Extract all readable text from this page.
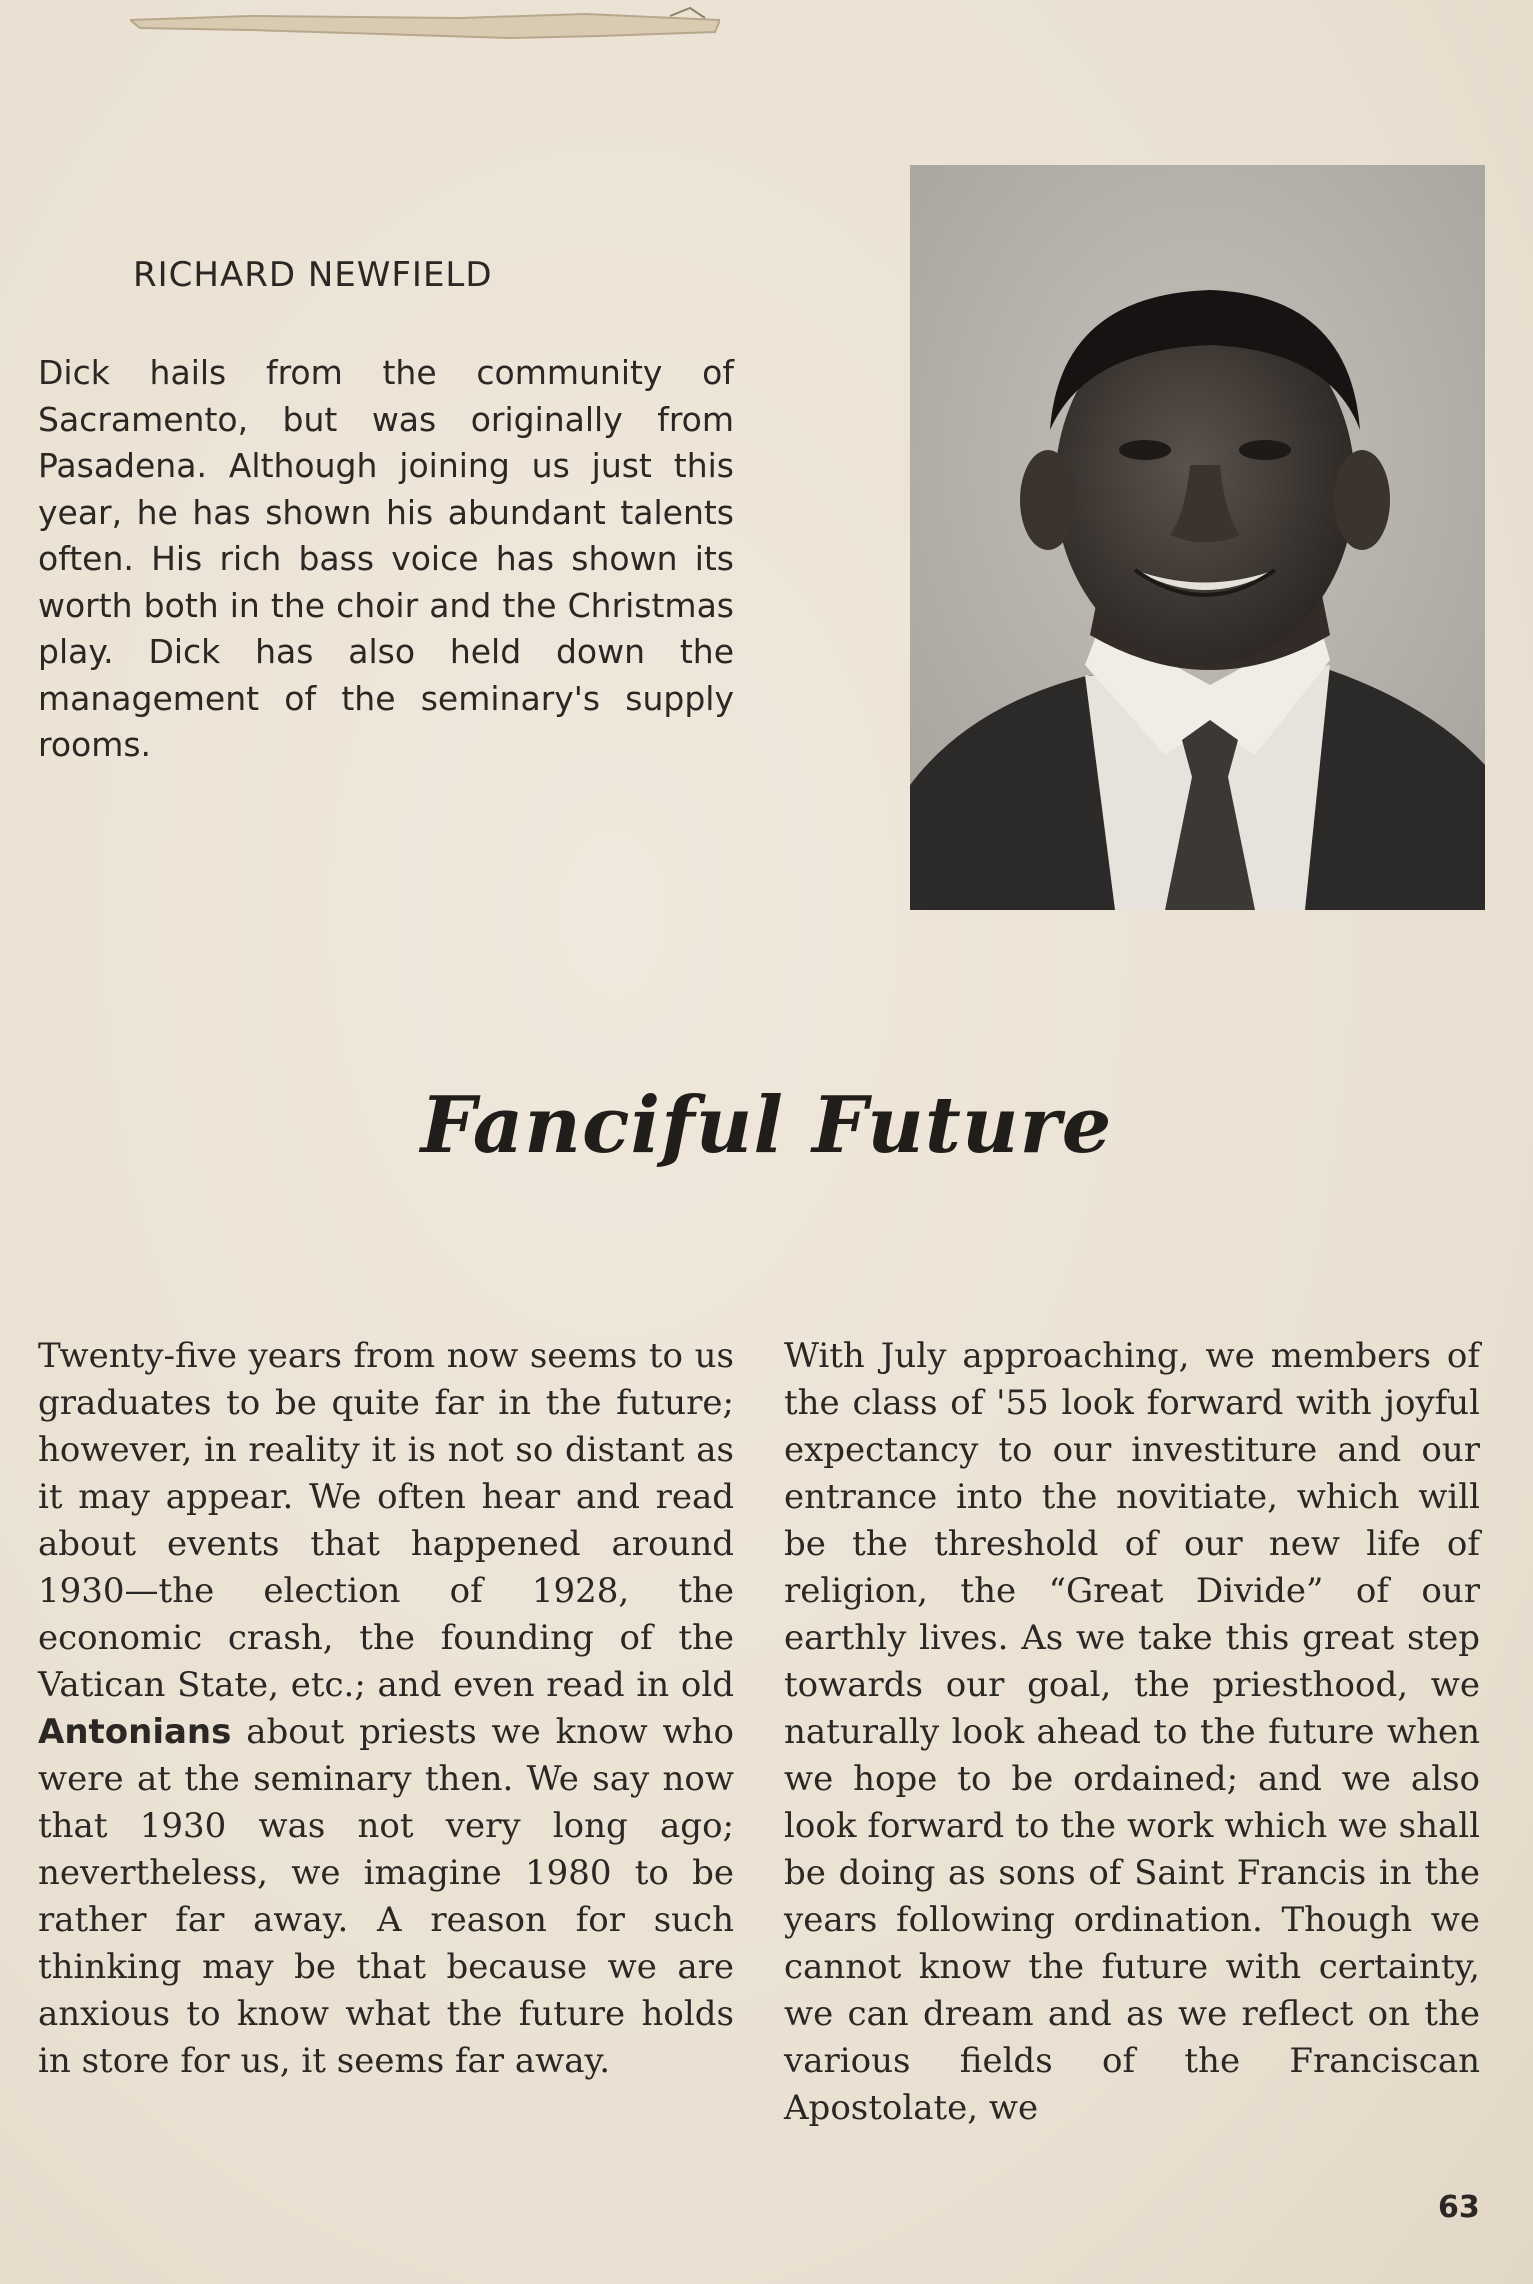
RICHARD NEWFIELD

Dick hails from the community of Sacramento, but was originally from Pasadena. Although joining us just this year, he has shown his abundant talents often. His rich bass voice has shown its worth both in the choir and the Christmas play. Dick has also held down the management of the seminary's supply rooms.

Fanciful Future

Twenty-five years from now seems to us graduates to be quite far in the future; however, in reality it is not so distant as it may appear. We often hear and read about events that happened around 1930—the election of 1928, the economic crash, the founding of the Vatican State, etc.; and even read in old Antonians about priests we know who were at the seminary then. We say now that 1930 was not very long ago; nevertheless, we imagine 1980 to be rather far away. A reason for such thinking may be that because we are anxious to know what the future holds in store for us, it seems far away.

With July approaching, we members of the class of '55 look forward with joyful expectancy to our investiture and our entrance into the novitiate, which will be the threshold of our new life of religion, the “Great Divide” of our earthly lives. As we take this great step towards our goal, the priesthood, we naturally look ahead to the future when we hope to be ordained; and we also look forward to the work which we shall be doing as sons of Saint Francis in the years following ordination. Though we cannot know the future with certainty, we can dream and as we reflect on the various fields of the Franciscan Apostolate, we

63
